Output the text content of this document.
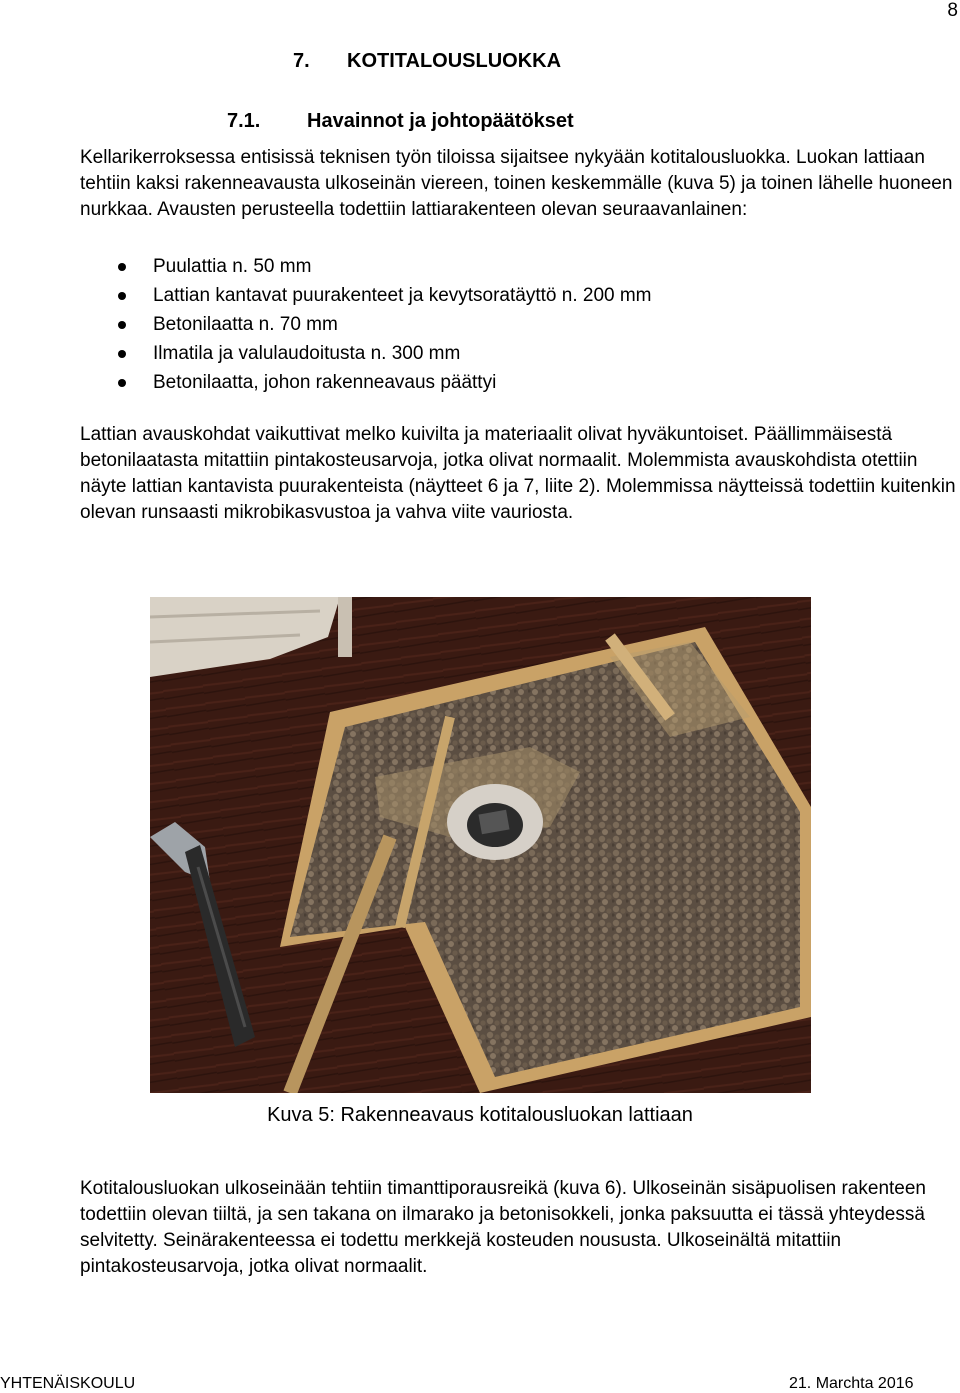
8
7. KOTITALOUSLUOKKA
7.1. Havainnot ja johtopäätökset

Kellarikerroksessa entisissä teknisen työn tiloissa sijaitsee nykyään kotitalousluokka. Luokan lattiaan tehtiin kaksi rakenneavausta ulkoseinän viereen, toinen keskemmälle (kuva 5) ja toinen lähelle huoneen nurkkaa. Avausten perusteella todettiin lattiarakenteen olevan seuraavanlainen:

Puulattia n. 50 mm
Lattian kantavat puurakenteet ja kevytsoratäyttö n. 200 mm
Betonilaatta n. 70 mm
Ilmatila ja valulaudoitusta n. 300 mm
Betonilaatta, johon rakenneavaus päättyi

Lattian avauskohdat vaikuttivat melko kuivilta ja materiaalit olivat hyväkuntoiset. Päällimmäisestä betonilaatasta mitattiin pintakosteusarvoja, jotka olivat normaalit. Molemmista avauskohdista otettiin näyte lattian kantavista puurakenteista (näytteet 6 ja 7, liite 2). Molemmissa näytteissä todettiin kuitenkin olevan runsaasti mikrobikasvustoa ja vahva viite vauriosta.

Kuva 5: Rakenneavaus kotitalousluokan lattiaan

Kotitalousluokan ulkoseinään tehtiin timanttiporausreikä (kuva 6). Ulkoseinän sisäpuolisen rakenteen todettiin olevan tiiltä, ja sen takana on ilmarako ja betonisokkeli, jonka paksuutta ei tässä yhteydessä selvitetty. Seinärakenteessa ei todettu merkkejä kosteuden noususta. Ulkoseinältä mitattiin pintakosteusarvoja, jotka olivat normaalit.

YHTENÄISKOULU	21. Marchta 2016
